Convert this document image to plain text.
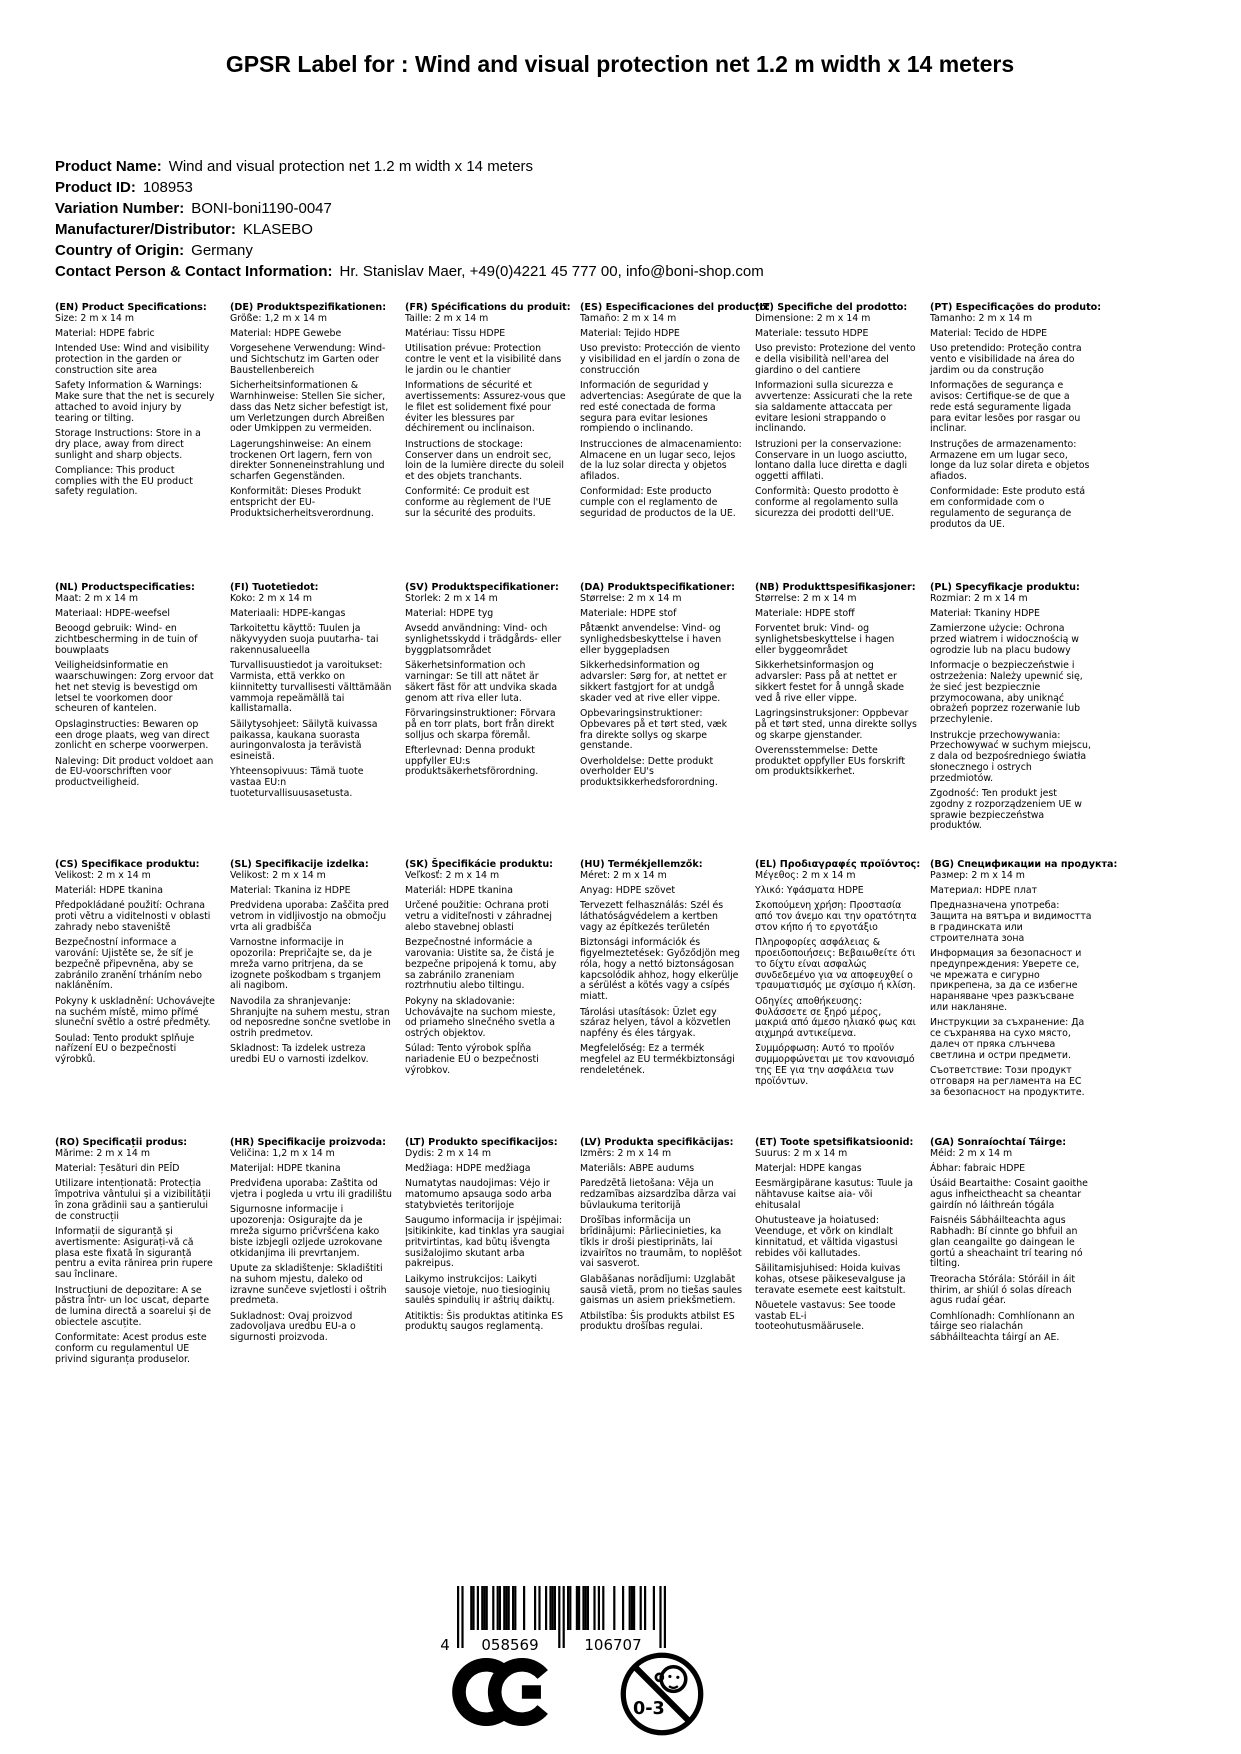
GPSR Label for : Wind and visual protection net 1.2 m width x 14 meters
Product Name: Wind and visual protection net 1.2 m width x 14 meters
Product ID: 108953
Variation Number: BONI-boni1190-0047
Manufacturer/Distributor: KLASEBO
Country of Origin: Germany
Contact Person & Contact Information: Hr. Stanislav Maer, +49(0)4221 45 777 00, info@boni-shop.com
(EN) Product Specifications:

Size: 2 m x 14 m

Material: HDPE fabric

Intended Use: Wind and visibility protection in the garden or construction site area

Safety Information & Warnings: Make sure that the net is securely attached to avoid injury by tearing or tilting.

Storage Instructions: Store in a dry place, away from direct sunlight and sharp objects.

Compliance: This product complies with the EU product safety regulation.

(DE) Produktspezifikationen:

Größe: 1,2 m x 14 m

Material: HDPE Gewebe

Vorgesehene Verwendung: Wind- und Sichtschutz im Garten oder Baustellenbereich

Sicherheitsinformationen & Warnhinweise: Stellen Sie sicher, dass das Netz sicher befestigt ist, um Verletzungen durch Abreißen oder Umkippen zu vermeiden.

Lagerungshinweise: An einem trockenen Ort lagern, fern von direkter Sonneneinstrahlung und scharfen Gegenständen.

Konformität: Dieses Produkt entspricht der EU-Produktsicherheitsverordnung.

(FR) Spécifications du produit:

Taille: 2 m x 14 m

Matériau: Tissu HDPE

Utilisation prévue: Protection contre le vent et la visibilité dans le jardin ou le chantier

Informations de sécurité et avertissements: Assurez-vous que le filet est solidement fixé pour éviter les blessures par déchirement ou inclinaison.

Instructions de stockage: Conserver dans un endroit sec, loin de la lumière directe du soleil et des objets tranchants.

Conformité: Ce produit est conforme au règlement de l'UE sur la sécurité des produits.

(ES) Especificaciones del producto:

Tamaño: 2 m x 14 m

Material: Tejido HDPE

Uso previsto: Protección de viento y visibilidad en el jardín o zona de construcción

Información de seguridad y advertencias: Asegúrate de que la red esté conectada de forma segura para evitar lesiones rompiendo o inclinando.

Instrucciones de almacenamiento: Almacene en un lugar seco, lejos de la luz solar directa y objetos afilados.

Conformidad: Este producto cumple con el reglamento de seguridad de productos de la UE.

(IT) Specifiche del prodotto:

Dimensione: 2 m x 14 m

Materiale: tessuto HDPE

Uso previsto: Protezione del vento e della visibilità nell'area del giardino o del cantiere

Informazioni sulla sicurezza e avvertenze: Assicurati che la rete sia saldamente attaccata per evitare lesioni strappando o inclinando.

Istruzioni per la conservazione: Conservare in un luogo asciutto, lontano dalla luce diretta e dagli oggetti affilati.

Conformità: Questo prodotto è conforme al regolamento sulla sicurezza dei prodotti dell'UE.

(PT) Especificações do produto:

Tamanho: 2 m x 14 m

Material: Tecido de HDPE

Uso pretendido: Proteção contra vento e visibilidade na área do jardim ou da construção

Informações de segurança e avisos: Certifique-se de que a rede está seguramente ligada para evitar lesões por rasgar ou inclinar.

Instruções de armazenamento: Armazene em um lugar seco, longe da luz solar direta e objetos afiados.

Conformidade: Este produto está em conformidade com o regulamento de segurança de produtos da UE.

(NL) Productspecificaties:

Maat: 2 m x 14 m

Materiaal: HDPE-weefsel

Beoogd gebruik: Wind- en zichtbescherming in de tuin of bouwplaats

Veiligheidsinformatie en waarschuwingen: Zorg ervoor dat het net stevig is bevestigd om letsel te voorkomen door scheuren of kantelen.

Opslaginstructies: Bewaren op een droge plaats, weg van direct zonlicht en scherpe voorwerpen.

Naleving: Dit product voldoet aan de EU-voorschriften voor productveiligheid.

(FI) Tuotetiedot:

Koko: 2 m x 14 m

Materiaali: HDPE-kangas

Tarkoitettu käyttö: Tuulen ja näkyvyyden suoja puutarha- tai rakennusalueella

Turvallisuustiedot ja varoitukset: Varmista, että verkko on kiinnitetty turvallisesti välttämään vammoja repeämällä tai kallistamalla.

Säilytysohjeet: Säilytä kuivassa paikassa, kaukana suorasta auringonvalosta ja terävistä esineistä.

Yhteensopivuus: Tämä tuote vastaa EU:n tuoteturvallisuusasetusta.

(SV) Produktspecifikationer:

Storlek: 2 m x 14 m

Material: HDPE tyg

Avsedd användning: Vind- och synlighetsskydd i trädgårds- eller byggplatsområdet

Säkerhetsinformation och varningar: Se till att nätet är säkert fäst för att undvika skada genom att riva eller luta.

Förvaringsinstruktioner: Förvara på en torr plats, bort från direkt solljus och skarpa föremål.

Efterlevnad: Denna produkt uppfyller EU:s produktsäkerhetsförordning.

(DA) Produktspecifikationer:

Størrelse: 2 m x 14 m

Materiale: HDPE stof

Påtænkt anvendelse: Vind- og synlighedsbeskyttelse i haven eller byggepladsen

Sikkerhedsinformation og advarsler: Sørg for, at nettet er sikkert fastgjort for at undgå skader ved at rive eller vippe.

Opbevaringsinstruktioner: Opbevares på et tørt sted, væk fra direkte sollys og skarpe genstande.

Overholdelse: Dette produkt overholder EU's produktsikkerhedsforordning.

(NB) Produkttspesifikasjoner:

Størrelse: 2 m x 14 m

Materiale: HDPE stoff

Forventet bruk: Vind- og synlighetsbeskyttelse i hagen eller byggeområdet

Sikkerhetsinformasjon og advarsler: Pass på at nettet er sikkert festet for å unngå skade ved å rive eller vippe.

Lagringsinstruksjoner: Oppbevar på et tørt sted, unna direkte sollys og skarpe gjenstander.

Overensstemmelse: Dette produktet oppfyller EUs forskrift om produktsikkerhet.

(PL) Specyfikacje produktu:

Rozmiar: 2 m x 14 m

Materiał: Tkaniny HDPE

Zamierzone użycie: Ochrona przed wiatrem i widocznością w ogrodzie lub na placu budowy

Informacje o bezpieczeństwie i ostrzeżenia: Należy upewnić się, że sieć jest bezpiecznie przymocowana, aby uniknąć obrażeń poprzez rozerwanie lub przechylenie.

Instrukcje przechowywania: Przechowywać w suchym miejscu, z dala od bezpośredniego światła słonecznego i ostrych przedmiotów.

Zgodność: Ten produkt jest zgodny z rozporządzeniem UE w sprawie bezpieczeństwa produktów.

(CS) Specifikace produktu:

Velikost: 2 m x 14 m

Materiál: HDPE tkanina

Předpokládané použití: Ochrana proti větru a viditelnosti v oblasti zahrady nebo staveniště

Bezpečnostní informace a varování: Ujistěte se, že síť je bezpečně připevněna, aby se zabránilo zranění trháním nebo nakláněním.

Pokyny k uskladnění: Uchovávejte na suchém místě, mimo přímé sluneční světlo a ostré předměty.

Soulad: Tento produkt splňuje nařízení EU o bezpečnosti výrobků.

(SL) Specifikacije izdelka:

Velikost: 2 m x 14 m

Material: Tkanina iz HDPE

Predvidena uporaba: Zaščita pred vetrom in vidljivostjo na območju vrta ali gradbišča

Varnostne informacije in opozorila: Prepričajte se, da je mreža varno pritrjena, da se izognete poškodbam s trganjem ali nagibom.

Navodila za shranjevanje: Shranjujte na suhem mestu, stran od neposredne sončne svetlobe in ostrih predmetov.

Skladnost: Ta izdelek ustreza uredbi EU o varnosti izdelkov.

(SK) Špecifikácie produktu:

Veľkosť: 2 m x 14 m

Materiál: HDPE tkanina

Určené použitie: Ochrana proti vetru a viditeľnosti v záhradnej alebo stavebnej oblasti

Bezpečnostné informácie a varovania: Uistite sa, že čistá je bezpečne pripojená k tomu, aby sa zabránilo zraneniam roztrhnutiu alebo tiltingu.

Pokyny na skladovanie: Uchovávajte na suchom mieste, od priameho slnečného svetla a ostrých objektov.

Súlad: Tento výrobok spĺňa nariadenie EÚ o bezpečnosti výrobkov.

(HU) Termékjellemzők:

Méret: 2 m x 14 m

Anyag: HDPE szövet

Tervezett felhasználás: Szél és láthatóságvédelem a kertben vagy az építkezés területén

Biztonsági információk és figyelmeztetések: Győződjön meg róla, hogy a nettó biztonságosan kapcsolódik ahhoz, hogy elkerülje a sérülést a kötés vagy a csípés miatt.

Tárolási utasítások: Üzlet egy száraz helyen, távol a közvetlen napfény és éles tárgyak.

Megfelelőség: Ez a termék megfelel az EU termékbiztonsági rendeletének.

(EL) Προδιαγραφές προϊόντος:

Μέγεθος: 2 m x 14 m

Υλικό: Υφάσματα HDPE

Σκοπούμενη χρήση: Προστασία από τον άνεμο και την ορατότητα στον κήπο ή το εργοτάξιο

Πληροφορίες ασφάλειας & προειδοποιήσεις: Βεβαιωθείτε ότι το δίχτυ είναι ασφαλώς συνδεδεμένο για να αποφευχθεί ο τραυματισμός με σχίσιμο ή κλίση.

Οδηγίες αποθήκευσης: Φυλάσσετε σε ξηρό μέρος, μακριά από άμεσο ηλιακό φως και αιχμηρά αντικείμενα.

Συμμόρφωση: Αυτό το προϊόν συμμορφώνεται με τον κανονισμό της ΕΕ για την ασφάλεια των προϊόντων.

(BG) Спецификации на продукта:

Размер: 2 m x 14 m

Материал: HDPE плат

Предназначена употреба: Защита на вятъра и видимостта в градинската или строителната зона

Информация за безопасност и предупреждения: Уверете се, че мрежата е сигурно прикрепена, за да се избегне нараняване чрез разкъсване или накланяне.

Инструкции за съхранение: Да се съхранява на сухо място, далеч от пряка слънчева светлина и остри предмети.

Съответствие: Този продукт отговаря на регламента на ЕС за безопасност на продуктите.

(RO) Specificații produs:

Mărime: 2 m x 14 m

Material: Țesături din PEÎD

Utilizare intenționată: Protecția împotriva vântului și a vizibilității în zona grădinii sau a șantierului de construcții

Informații de siguranță și avertismente: Asigurați-vă că plasa este fixată în siguranță pentru a evita rănirea prin rupere sau înclinare.

Instrucțiuni de depozitare: A se păstra într- un loc uscat, departe de lumina directă a soarelui și de obiectele ascuțite.

Conformitate: Acest produs este conform cu regulamentul UE privind siguranța produselor.

(HR) Specifikacije proizvoda:

Veličina: 1,2 m x 14 m

Materijal: HDPE tkanina

Predviđena uporaba: Zaštita od vjetra i pogleda u vrtu ili gradilištu

Sigurnosne informacije i upozorenja: Osigurajte da je mreža sigurno pričvršćena kako biste izbjegli ozljede uzrokovane otkidanjima ili prevrtanjem.

Upute za skladištenje: Skladištiti na suhom mjestu, daleko od izravne sunčeve svjetlosti i oštrih predmeta.

Sukladnost: Ovaj proizvod zadovoljava uredbu EU-a o sigurnosti proizvoda.

(LT) Produkto specifikacijos:

Dydis: 2 m x 14 m

Medžiaga: HDPE medžiaga

Numatytas naudojimas: Vėjo ir matomumo apsauga sodo arba statybvietės teritorijoje

Saugumo informacija ir įspėjimai: Įsitikinkite, kad tinklas yra saugiai pritvirtintas, kad būtų išvengta susižalojimo skutant arba pakreipus.

Laikymo instrukcijos: Laikyti sausoje vietoje, nuo tiesioginių saulės spindulių ir aštrių daiktų.

Atitiktis: Šis produktas atitinka ES produktų saugos reglamentą.

(LV) Produkta specifikācijas:

Izmērs: 2 m x 14 m

Materiāls: ABPE audums

Paredzētā lietošana: Vēja un redzamības aizsardzība dārza vai būvlaukuma teritorijā

Drošības informācija un brīdinājumi: Pārliecinieties, ka tīkls ir droši piestiprināts, lai izvairītos no traumām, to noplēšot vai sasverot.

Glabāšanas norādījumi: Uzglabāt sausā vietā, prom no tiešas saules gaismas un asiem priekšmetiem.

Atbilstība: Šis produkts atbilst ES produktu drošības regulai.

(ET) Toote spetsifikatsioonid:

Suurus: 2 m x 14 m

Materjal: HDPE kangas

Eesmärgipärane kasutus: Tuule ja nähtavuse kaitse aia- või ehitusalal

Ohutusteave ja hoiatused: Veenduge, et võrk on kindlalt kinnitatud, et vältida vigastusi rebides või kallutades.

Säilitamisjuhised: Hoida kuivas kohas, otsese päikesevalguse ja teravate esemete eest kaitstult.

Nõuetele vastavus: See toode vastab EL-i tooteohutusmäärusele.

(GA) Sonraíochtaí Táirge:

Méid: 2 m x 14 m

Ábhar: fabraic HDPE

Úsáid Beartaithe: Cosaint gaoithe agus infheictheacht sa cheantar gairdín nó láithreán tógála

Faisnéis Sábháilteachta agus Rabhadh: Bí cinnte go bhfuil an glan ceangailte go daingean le gortú a sheachaint trí tearing nó tilting.

Treoracha Stórála: Stóráil in áit thirim, ar shiúl ó solas díreach agus rudaí géar.

Comhlíonadh: Comhlíonann an táirge seo rialachán sábháilteachta táirgí an AE.

4 058569	106707
0-3
